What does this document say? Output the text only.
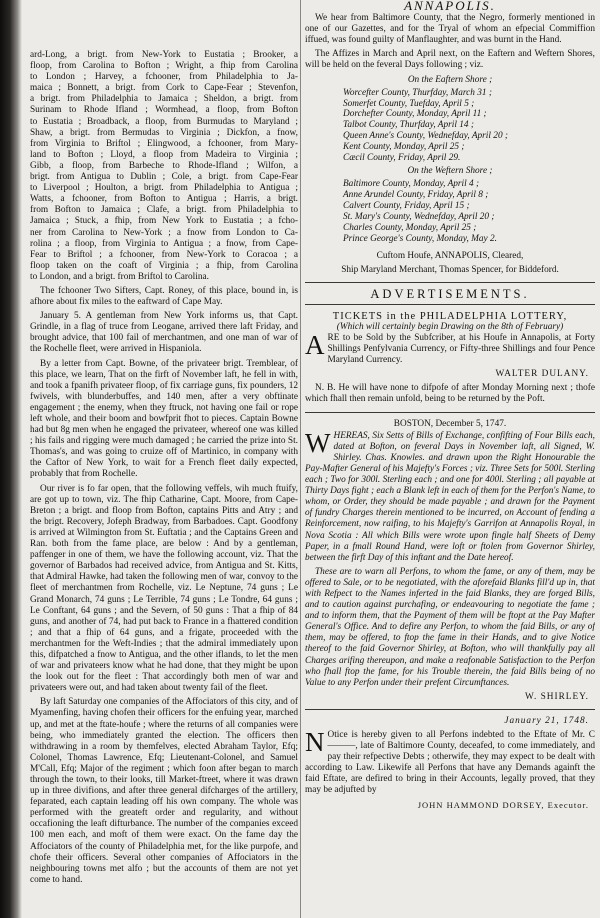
ard-Long, a brigt. from New-York to Eustatia ; Brooker, a
floop, from Carolina to Bofton ; Wright, a fhip from Carolina
to London ; Harvey, a fchooner, from Philadelphia to Ja-
maica ; Bonnett, a brigt. from Cork to Cape-Fear ; Stevenfon,
a brigt. from Philadelphia to Jamaica ; Sheldon, a brigt. from
Surinam to Rhode Ifland ; Wormhead, a floop, from Bofton
to Eustatia ; Broadback, a floop, from Burmudas to Maryland ;
Shaw, a brigt. from Bermudas to Virginia ; Dickfon, a fnow,
from Virginia to Briftol ; Elingwood, a fchooner, from Mary-
land to Bofton ; Lloyd, a floop from Madeira to Virginia ;
Gibb, a floop, from Barbeche to Rhode-Ifland ; Wilfon, a
brigt. from Antigua to Dublin ; Cole, a brigt. from Cape-Fear
to Liverpool ; Houlton, a brigt. from Philadelphia to Antigua ;
Watts, a fchooner, from Bofton to Antigua ; Harris, a brigt.
from Bofton to Jamaica ; Clafe, a brigt. from Philadelphia to
Jamaica ; Stuck, a fhip, from New York to Eustatia ; a fcho-
ner from Carolina to New-York ; a fnow from London to Ca-
rolina ; a floop, from Virginia to Antigua ; a fnow, from Cape-
Fear to Briftol ; a fchooner, from New-York to Coracoa ; a
floop taken on the coaft of Virginia ; a fhip, from Carolina
to London, and a brigt. from Briftol to Carolina.

The fchooner Two Sifters, Capt. Roney, of this place, bound in, is afhore about fix miles to the eaftward of Cape May.

January 5. A gentleman from New York informs us, that Capt. Grindle, in a flag of truce from Leogane, arrived there laft Friday, and brought advice, that 100 fail of merchantmen, and one man of war of the Rochelle fleet, were arrived in Hispaniola.

By a letter from Capt. Bowne, of the privateer brigt. Tremblear, of this place, we learn, That on the firft of November laft, he fell in with, and took a fpanifh privateer floop, of fix carriage guns, fix pounders, 12 fwivels, with blunderbuffes, and 140 men, after a very obftinate engagement ; the enemy, when they ftruck, not having one fail or rope left whole, and their boom and bowfprit fhot to pieces. Captain Bowne had but 8g men when he engaged the privateer, whereof one was killed ; his fails and rigging were much damaged ; he carried the prize into St. Thomas's, and was going to cruize off of Martinico, in company with the Caftor of New York, to wait for a French fleet daily expected, probably that from Rochelle.

Our river is fo far open, that the following veffels, wih much ftuify, are got up to town, viz. The fhip Catharine, Capt. Moore, from Cape-Breton ; a brigt. and floop from Bofton, captains Pitts and Atry ; and the brigt. Recovery, Jofeph Bradway, from Barbadoes. Capt. Goodfony is arrived at Wilmington from St. Euftatia ; and the Captains Green and Ran. both from the fame place, are below : And by a gentleman, paffenger in one of them, we have the following account, viz. That the governor of Barbados had received advice, from Antigua and St. Kitts, that Admiral Hawke, had taken the following men of war, convoy to the fleet of merchantmen from Rochelle, viz. Le Neptune, 74 guns ; Le Grand Monarch, 74 guns ; Le Terrible, 74 guns ; Le Tondre, 64 guns ; Le Conftant, 64 guns ; and the Severn, of 50 guns : That a fhip of 84 guns, and another of 74, had put back to France in a fhattered condition ; and that a fhip of 64 guns, and a frigate, proceeded with the merchantmen for the Weft-Indies ; that the admiral immediately upon this, difpatched a fnow to Antigua, and the other iflands, to let the men of war and privateers know what he had done, that they might be upon the look out for the fleet : That accordingly both men of war and privateers were out, and had taken about twenty fail of the fleet.

By laft Saturday one companies of the Affociators of this city, and of Myamenfing, having chofen their officers for the enfuing year, marched up, and met at the ftate-houfe ; where the returns of all companies were being, who immediately granted the election. The officers then withdrawing in a room by themfelves, elected Abraham Taylor, Efq; Colonel, Thomas Lawrence, Efq; Lieutenant-Colonel, and Samuel M'Call, Efq; Major of the regiment ; which foon after began to march through the town, to their looks, till Market-ftreet, where it was drawn up in three divifions, and after three general difcharges of the artillery, feparated, each captain leading off his own company. The whole was performed with the greateft order and regularity, and without occafioning the leaft difturbance. The number of the companies exceed 100 men each, and moft of them were exact. On the fame day the Affociators of the county of Philadelphia met, for the like purpofe, and chofe their officers. Several other companies of Affociators in the neighbouring towns met alfo ; but the accounts of them are not yet come to hand.

ANNAPOLIS.

We hear from Baltimore County, that the Negro, formerly mentioned in one of our Gazettes, and for the Tryal of whom an efpecial Commiffion iffued, was found guilty of Manflaughter, and was burnt in the Hand.

The Affizes in March and April next, on the Eaftern and Weftern Shores, will be held on the feveral Days following ; viz.

On the Eaftern Shore ;
Worcefter County, Thurfday, March 31 ;
Somerfet County, Tuefday, April 5 ;
Dorchefter County, Monday, April 11 ;
Talbot County, Thurfday, April 14 ;
Queen Anne's County, Wednefday, April 20 ;
Kent County, Monday, April 25 ;
Cæcil County, Friday, April 29.
On the Weftern Shore ;
Baltimore County, Monday, April 4 ;
Anne Arundel County, Friday, April 8 ;
Calvert County, Friday, April 15 ;
St. Mary's County, Wednefday, April 20 ;
Charles County, Monday, April 25 ;
Prince George's County, Monday, May 2.

Cuftom Houfe, ANNAPOLIS, Cleared,

Ship Maryland Merchant, Thomas Spencer, for Biddeford.

ADVERTISEMENTS.

TICKETS in the PHILADELPHIA LOTTERY,

(Which will certainly begin Drawing on the 8th of February)

ARE to be Sold by the Subfcriber, at his Houfe in Annapolis, at Forty Shillings Penfylvania Currency, or Fifty-three Shillings and four Pence Maryland Currency.

WALTER DULANY.

N. B. He will have none to difpofe of after Monday Morning next ; thofe which fhall then remain unfold, being to be returned by the Poft.

BOSTON, December 5, 1747.

WHEREAS, Six Setts of Bills of Exchange, confifting of Four Bills each, dated at Bofton, on feveral Days in November laft, all Signed, W. Shirley. Chas. Knowles. and drawn upon the Right Honourable the Pay-Mafter General of his Majefty's Forces ; viz. Three Sets for 500l. Sterling each ; Two for 300l. Sterling each ; and one for 400l. Sterling ; all payable at Thirty Days fight ; each a Blank left in each of them for the Perfon's Name, to whom, or Order, they should be made payable ; and drawn for the Payment of fundry Charges therein mentioned to be incurred, on Account of fending a Reinforcement, now raifing, to his Majefty's Garrifon at Annapolis Royal, in Nova Scotia : All which Bills were wrote upon fingle half Sheets of Demy Paper, in a fmall Round Hand, were loft or ftolen from Governor Shirley, between the firft Day of this inftant and the Date hereof.

These are to warn all Perfons, to whom the fame, or any of them, may be offered to Sale, or to be negotiated, with the aforefaid Blanks fill'd up in, that with Refpect to the Names inferted in the faid Blanks, they are forged Bills, and to caution against purchafing, or endeavouring to negotiate the fame ; and to inform them, that the Payment of them will be ftopt at the Pay Mafter General's Office. And to defire any Perfon, to whom the faid Bills, or any of them, may be offered, to ftop the fame in their Hands, and to give Notice thereof to the faid Governor Shirley, at Bofton, who will thankfully pay all Charges arifing thereupon, and make a reafonable Satisfaction to the Perfon who fhall ftop the fame, for his Trouble therein, the faid Bills being of no Value to any Perfon under their prefent Circumftances.

W. SHIRLEY.

January 21, 1748.

N Otice is hereby given to all Perfons indebted to the Eftate of Mr. C———, late of Baltimore County, deceafed, to come immediately, and pay their refpective Debts ; otherwife, they may expect to be dealt with according to Law. Likewife all Perfons that have any Demands againft the faid Eftate, are defired to bring in their Accounts, legally proved, that they may be adjufted by

JOHN HAMMOND DORSEY, Executor.
